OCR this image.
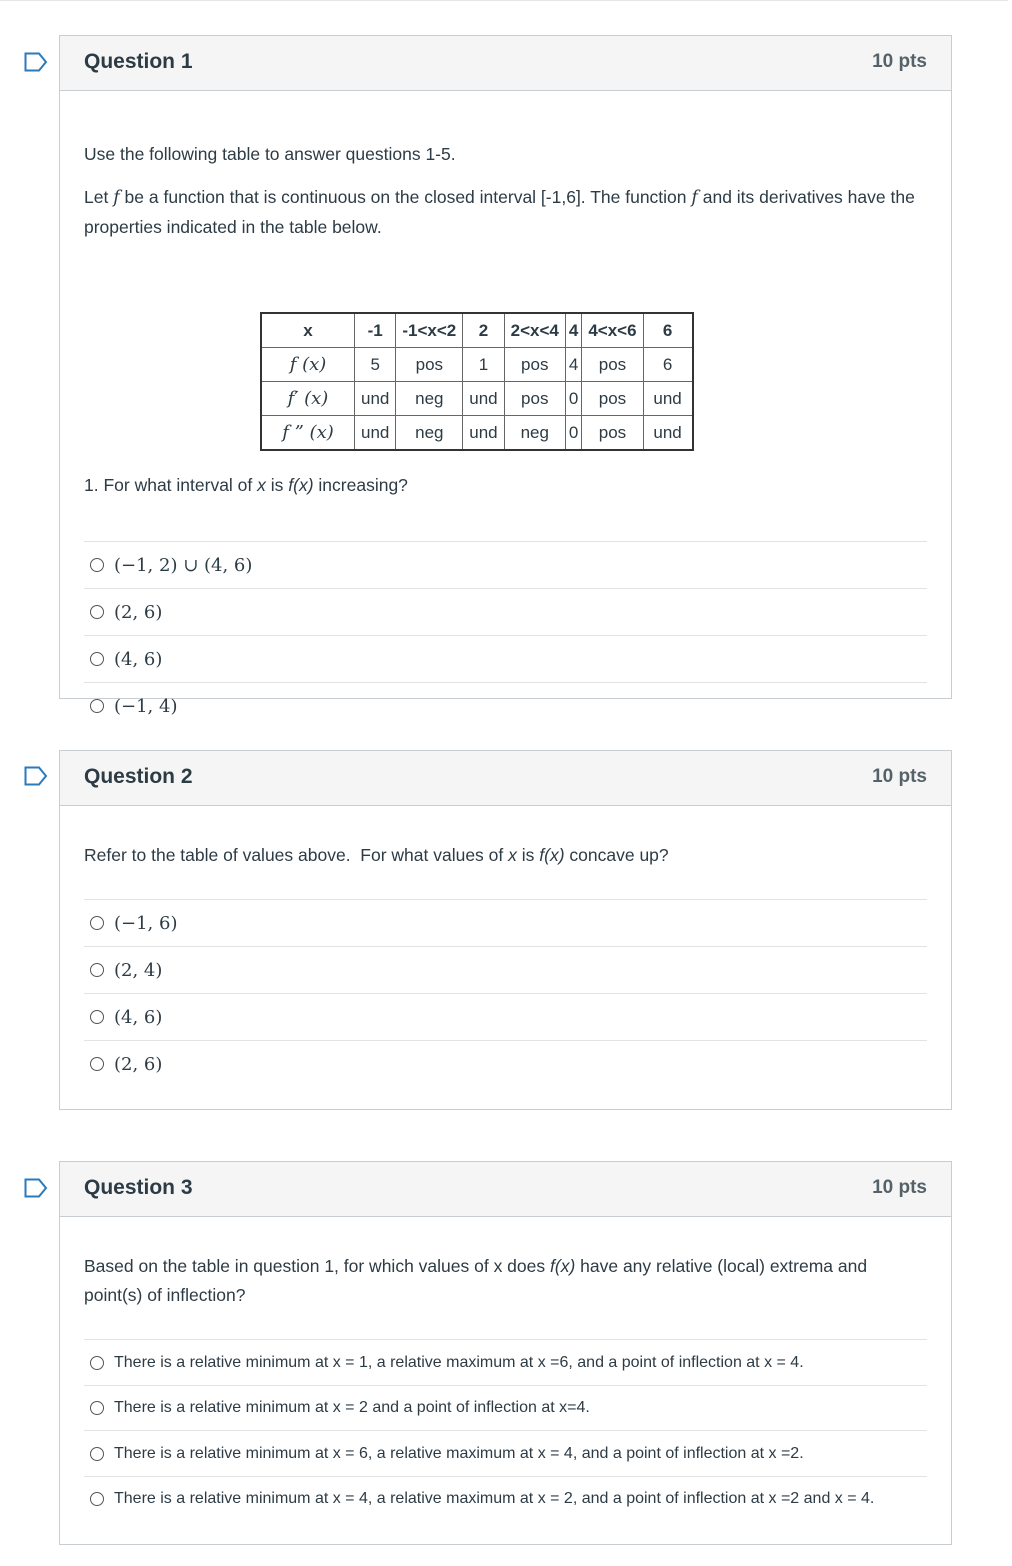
Question 1	10 pts
Use the following table to answer questions 1-5.
Let f be a function that is continuous on the closed interval [-1,6]. The function f and its derivatives have the properties indicated in the table below.
x	-1	-1<x<2	2	2<x<4	4	4<x<6	6
f (x)	5	pos	1	pos	4	pos	6
f′ (x)	und	neg	und	pos	0	pos	und
f ” (x)	und	neg	und	neg	0	pos	und
1. For what interval of x is f(x) increasing?
(−1, 2) ∪ (4, 6)
(2, 6)
(4, 6)
(−1, 4)
Question 2	10 pts
Refer to the table of values above.  For what values of x is f(x) concave up?
(−1, 6)
(2, 4)
(4, 6)
(2, 6)
Question 3	10 pts
Based on the table in question 1, for which values of x does f(x) have any relative (local) extrema and point(s) of inflection?
There is a relative minimum at x = 1, a relative maximum at x =6, and a point of inflection at x = 4.
There is a relative minimum at x = 2 and a point of inflection at x=4.
There is a relative minimum at x = 6, a relative maximum at x = 4, and a point of inflection at x =2.
There is a relative minimum at x = 4, a relative maximum at x = 2, and a point of inflection at x =2 and x = 4.
